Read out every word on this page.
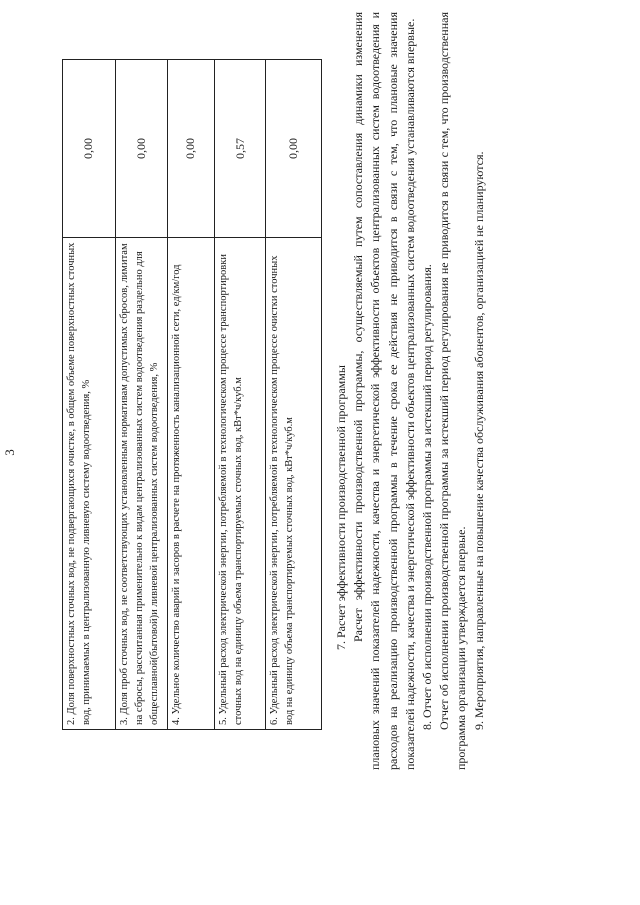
3	2. Доля поверхностных сточных вод, не подвергающихся очистке, в общем объеме поверхностных сточных вод, принимаемых в централизованную ливневую систему водоотведения, %	0,00
3. Доля проб сточных вод, не соответствующих установленным нормативам допустимых сбросов, лимитам на сбросы, рассчитанная применительно к видам централизованных систем водоотведения раздельно для общесплавной(бытовой)и ливневой централизованных систем водоотведения, %	0,00
4. Удельное количество аварий и засоров в расчете на протяженность канализационной сети, ед/км/год	0,00
5. Удельный расход электрической энергии, потребляемой в технологическом процессе транспортировки сточных вод на единицу объема транспортируемых сточных вод, кВт*ч/куб.м	0,57
6. Удельный расход электрической энергии, потребляемой в технологическом процессе очистки сточных вод на единицу объема транспортируемых сточных вод, кВт*ч/куб.м	0,00

7. Расчет эффективности производственной программы Расчет эффективности производственной программы, осуществляемый путем сопоставления динамики изменения плановых значений показателей надежности, качества и энергетической эффективности объектов централизованных систем водоотведения и расходов на реализацию производственной программы в течение срока ее действия не приводится в связи с тем, что плановые значения показателей надежности, качества и энергетической эффективности объектов централизованных систем водоотведения устанавливаются впервые. 8. Отчет об исполнении производственной программы за истекший период регулирования. Отчет об исполнении производственной программы за истекший период регулирования не приводится в связи с тем, что производственная программа организации утверждается впервые. 9. Мероприятия, направленные на повышение качества обслуживания абонентов, организацией не планируются.
